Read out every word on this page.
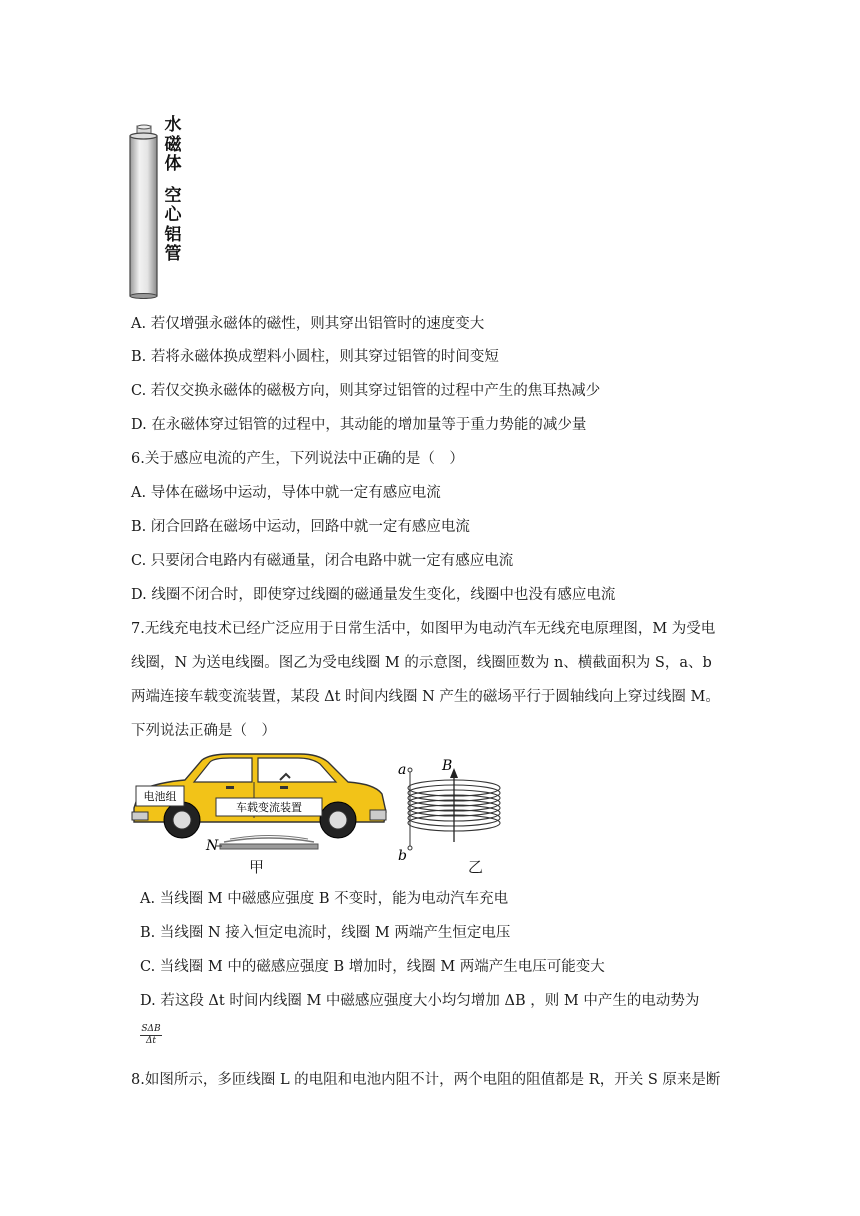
水
磁
体
空
心
铝
管
A. 若仅增强永磁体的磁性，则其穿出铝管时的速度变大
B. 若将永磁体换成塑料小圆柱，则其穿过铝管的时间变短
C. 若仅交换永磁体的磁极方向，则其穿过铝管的过程中产生的焦耳热减少
D. 在永磁体穿过铝管的过程中，其动能的增加量等于重力势能的减少量
6.关于感应电流的产生，下列说法中正确的是（　）
A. 导体在磁场中运动，导体中就一定有感应电流
B. 闭合回路在磁场中运动，回路中就一定有感应电流
C. 只要闭合电路内有磁通量，闭合电路中就一定有感应电流
D. 线圈不闭合时，即使穿过线圈的磁通量发生变化，线圈中也没有感应电流
7.无线充电技术已经广泛应用于日常生活中，如图甲为电动汽车无线充电原理图，M 为受电
线圈，N 为送电线圈。图乙为受电线圈 M 的示意图，线圈匝数为 n、横截面积为 S，a、b
两端连接车载变流装置，某段 Δt 时间内线圈 N 产生的磁场平行于圆轴线向上穿过线圈 M。
下列说法正确是（　）
电池组
车载变流装置
N
甲
a
b
B
乙
A. 当线圈 M 中磁感应强度 B 不变时，能为电动汽车充电
B. 当线圈 N 接入恒定电流时，线圈 M 两端产生恒定电压
C. 当线圈 M 中的磁感应强度 B 增加时，线圈 M 两端产生电压可能变大
D. 若这段 Δt 时间内线圈 M 中磁感应强度大小均匀增加 ΔB ，则 M 中产生的电动势为
SΔB
Δt
8.如图所示，多匝线圈 L 的电阻和电池内阻不计，两个电阻的阻值都是 R，开关 S 原来是断
